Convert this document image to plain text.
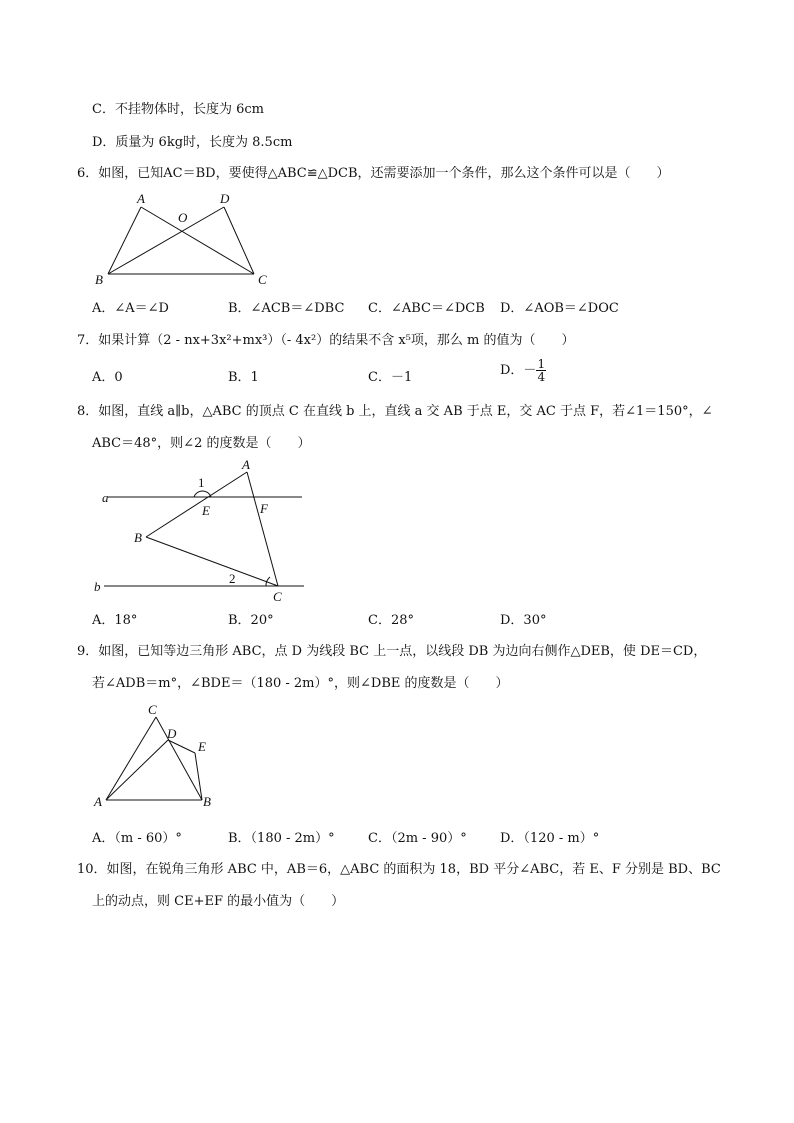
C．不挂物体时，长度为 6cm
D．质量为 6kg时，长度为 8.5cm
6．如图，已知AC＝BD，要使得△ABC≌△DCB，还需要添加一个条件，那么这个条件可以是（　　）
A	D
O
B	C
A．∠A＝∠D	B．∠ACB＝∠DBC C．∠ABC＝∠DCB D．∠AOB＝∠DOC
7．如果计算（2 - nx+3x²+mx³）（- 4x²）的结果不含 x⁵项，那么 m 的值为（　　）
A．0	B．1	C．－1	D．－ $\frac{1}{4}$
8．如图，直线 a∥b，△ABC 的顶点 C 在直线 b 上，直线 a 交 AB 于点 E，交 AC 于点 F，若∠1＝150°，∠
ABC＝48°，则∠2 的度数是（　　）
a
b
A
B
C
E	F
1
2
A．18°	B．20°	C．28°	D．30°
9．如图，已知等边三角形 ABC，点 D 为线段 BC 上一点，以线段 DB 为边向右侧作△DEB，使 DE＝CD，
若∠ADB＝m°，∠BDE＝（180 - 2m）°，则∠DBE 的度数是（　　）
C
D
E
A	B
A．（m - 60）°	B．（180 - 2m）°	C．（2m - 90）°	D．（120 - m）°
10．如图，在锐角三角形 ABC 中，AB＝6，△ABC 的面积为 18，BD 平分∠ABC，若 E、F 分别是 BD、BC
上的动点，则 CE+EF 的最小值为（　　）
